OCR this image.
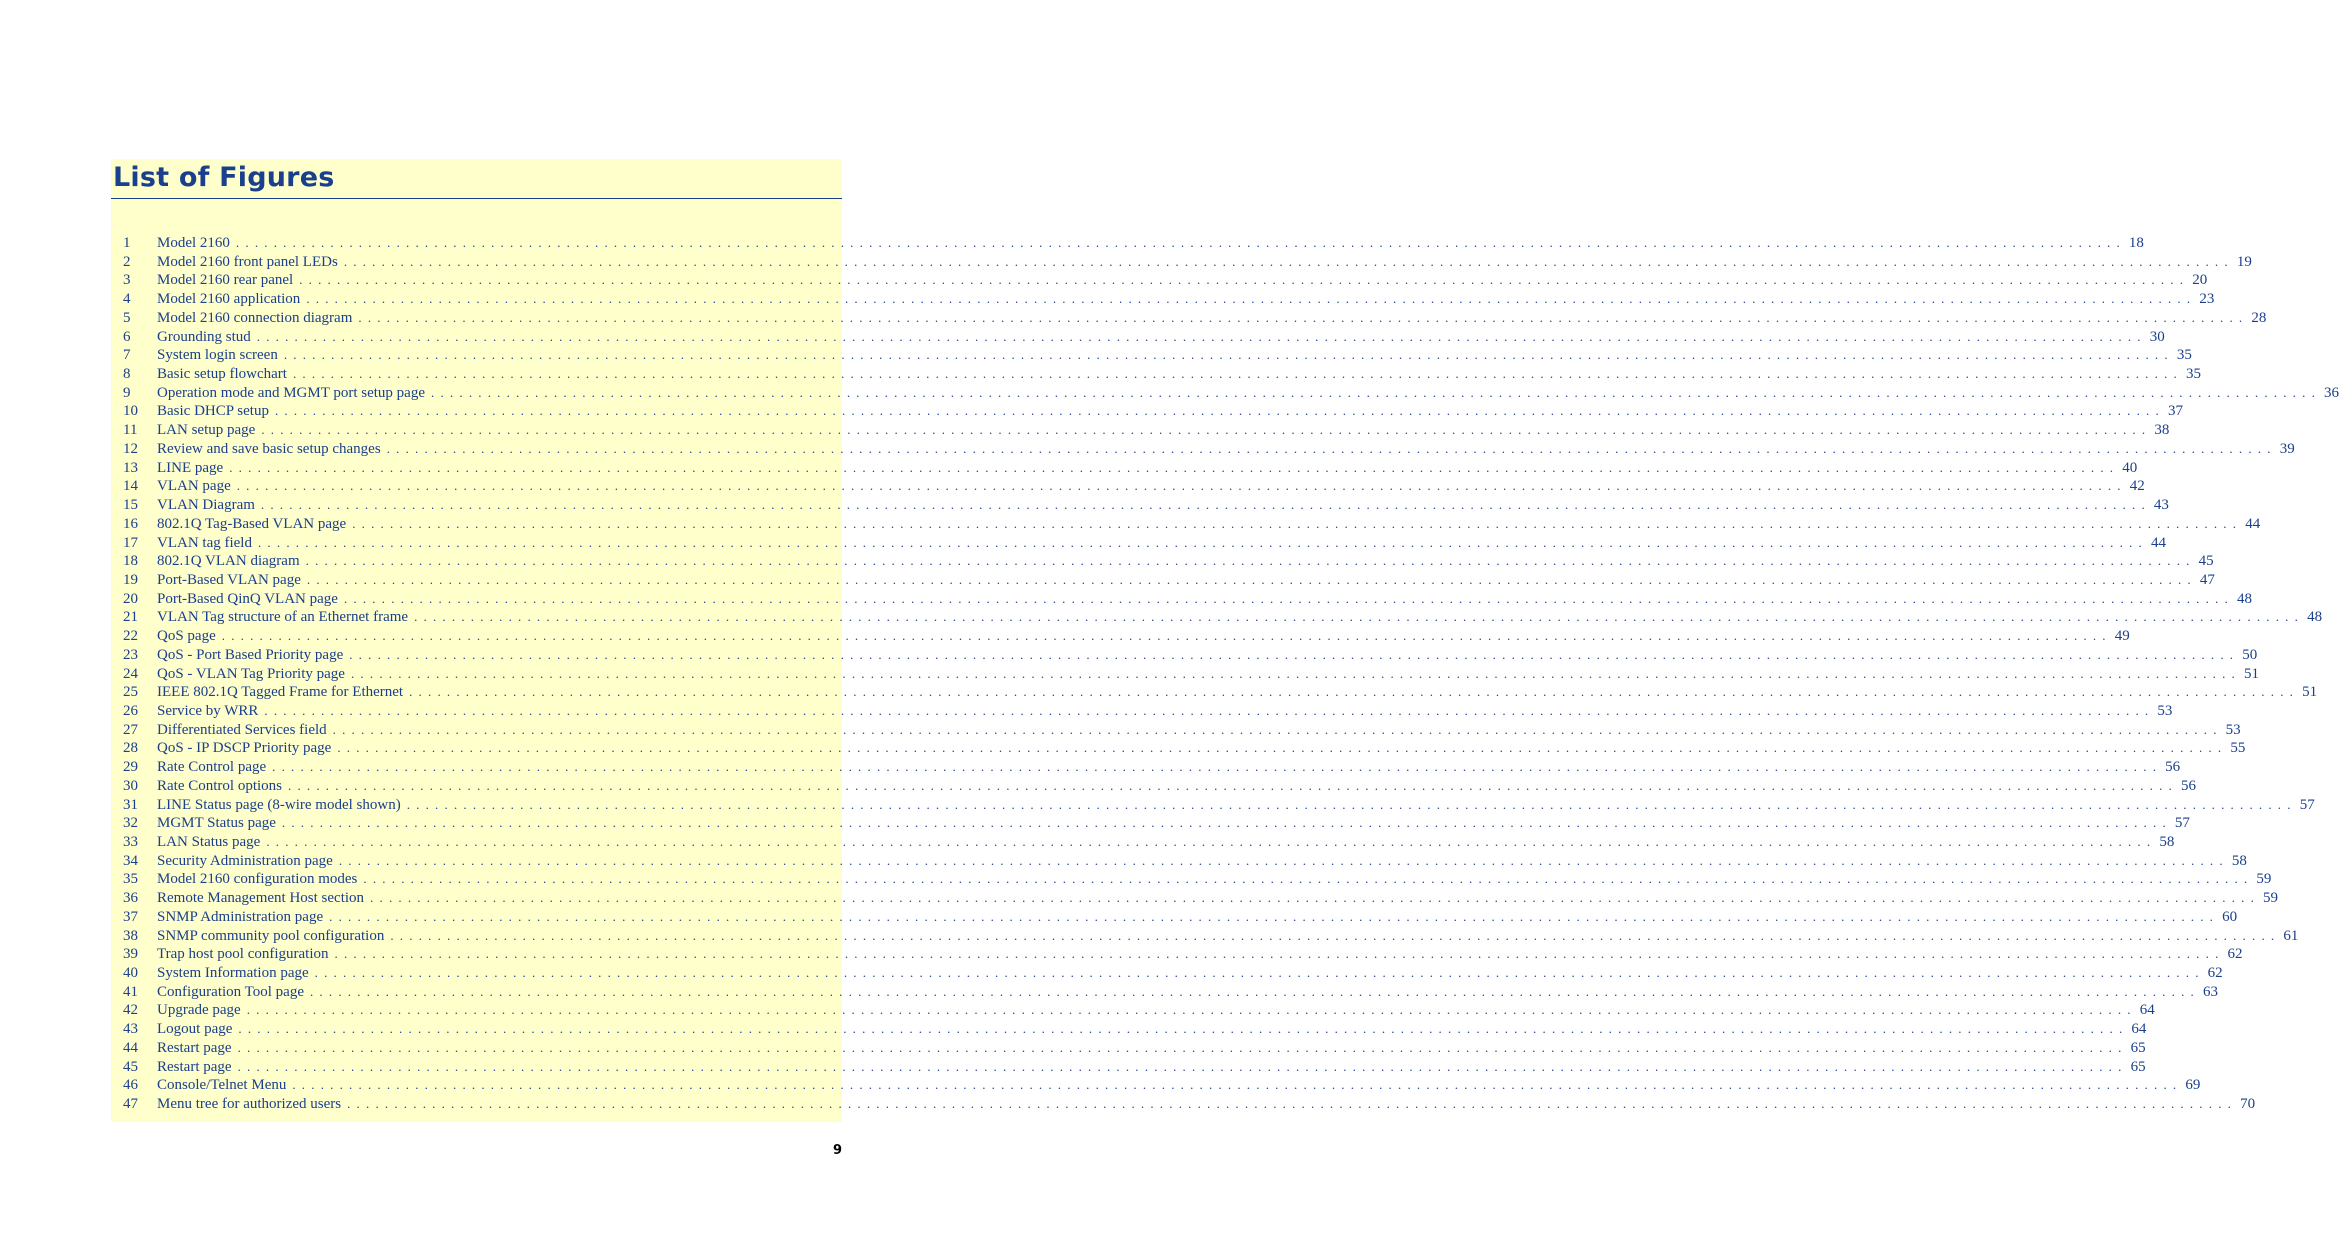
List of Figures
1 Model 2160 ........................................................................................................................................................................................................ 18
2 Model 2160 front panel LEDs ........................................................................................................................................................................................................ 19
3 Model 2160 rear panel ........................................................................................................................................................................................................ 20
4 Model 2160 application ........................................................................................................................................................................................................ 23
5 Model 2160 connection diagram ........................................................................................................................................................................................................ 28
6 Grounding stud ........................................................................................................................................................................................................ 30
7 System login screen ........................................................................................................................................................................................................ 35
8 Basic setup flowchart ........................................................................................................................................................................................................ 35
9 Operation mode and MGMT port setup page ........................................................................................................................................................................................................ 36
10 Basic DHCP setup ........................................................................................................................................................................................................ 37
11 LAN setup page ........................................................................................................................................................................................................ 38
12 Review and save basic setup changes ........................................................................................................................................................................................................ 39
13 LINE page ........................................................................................................................................................................................................ 40
14 VLAN page ........................................................................................................................................................................................................ 42
15 VLAN Diagram ........................................................................................................................................................................................................ 43
16 802.1Q Tag-Based VLAN page ........................................................................................................................................................................................................ 44
17 VLAN tag field ........................................................................................................................................................................................................ 44
18 802.1Q VLAN diagram ........................................................................................................................................................................................................ 45
19 Port-Based VLAN page ........................................................................................................................................................................................................ 47
20 Port-Based QinQ VLAN page ........................................................................................................................................................................................................ 48
21 VLAN Tag structure of an Ethernet frame ........................................................................................................................................................................................................ 48
22 QoS page ........................................................................................................................................................................................................ 49
23 QoS - Port Based Priority page ........................................................................................................................................................................................................ 50
24 QoS - VLAN Tag Priority page ........................................................................................................................................................................................................ 51
25 IEEE 802.1Q Tagged Frame for Ethernet ........................................................................................................................................................................................................ 51
26 Service by WRR ........................................................................................................................................................................................................ 53
27 Differentiated Services field ........................................................................................................................................................................................................ 53
28 QoS - IP DSCP Priority page ........................................................................................................................................................................................................ 55
29 Rate Control page ........................................................................................................................................................................................................ 56
30 Rate Control options ........................................................................................................................................................................................................ 56
31 LINE Status page (8-wire model shown) ........................................................................................................................................................................................................ 57
32 MGMT Status page ........................................................................................................................................................................................................ 57
33 LAN Status page ........................................................................................................................................................................................................ 58
34 Security Administration page ........................................................................................................................................................................................................ 58
35 Model 2160 configuration modes ........................................................................................................................................................................................................ 59
36 Remote Management Host section ........................................................................................................................................................................................................ 59
37 SNMP Administration page ........................................................................................................................................................................................................ 60
38 SNMP community pool configuration ........................................................................................................................................................................................................ 61
39 Trap host pool configuration ........................................................................................................................................................................................................ 62
40 System Information page ........................................................................................................................................................................................................ 62
41 Configuration Tool page ........................................................................................................................................................................................................ 63
42 Upgrade page ........................................................................................................................................................................................................ 64
43 Logout page ........................................................................................................................................................................................................ 64
44 Restart page ........................................................................................................................................................................................................ 65
45 Restart page ........................................................................................................................................................................................................ 65
46 Console/Telnet Menu ........................................................................................................................................................................................................ 69
47 Menu tree for authorized users ........................................................................................................................................................................................................ 70
9
